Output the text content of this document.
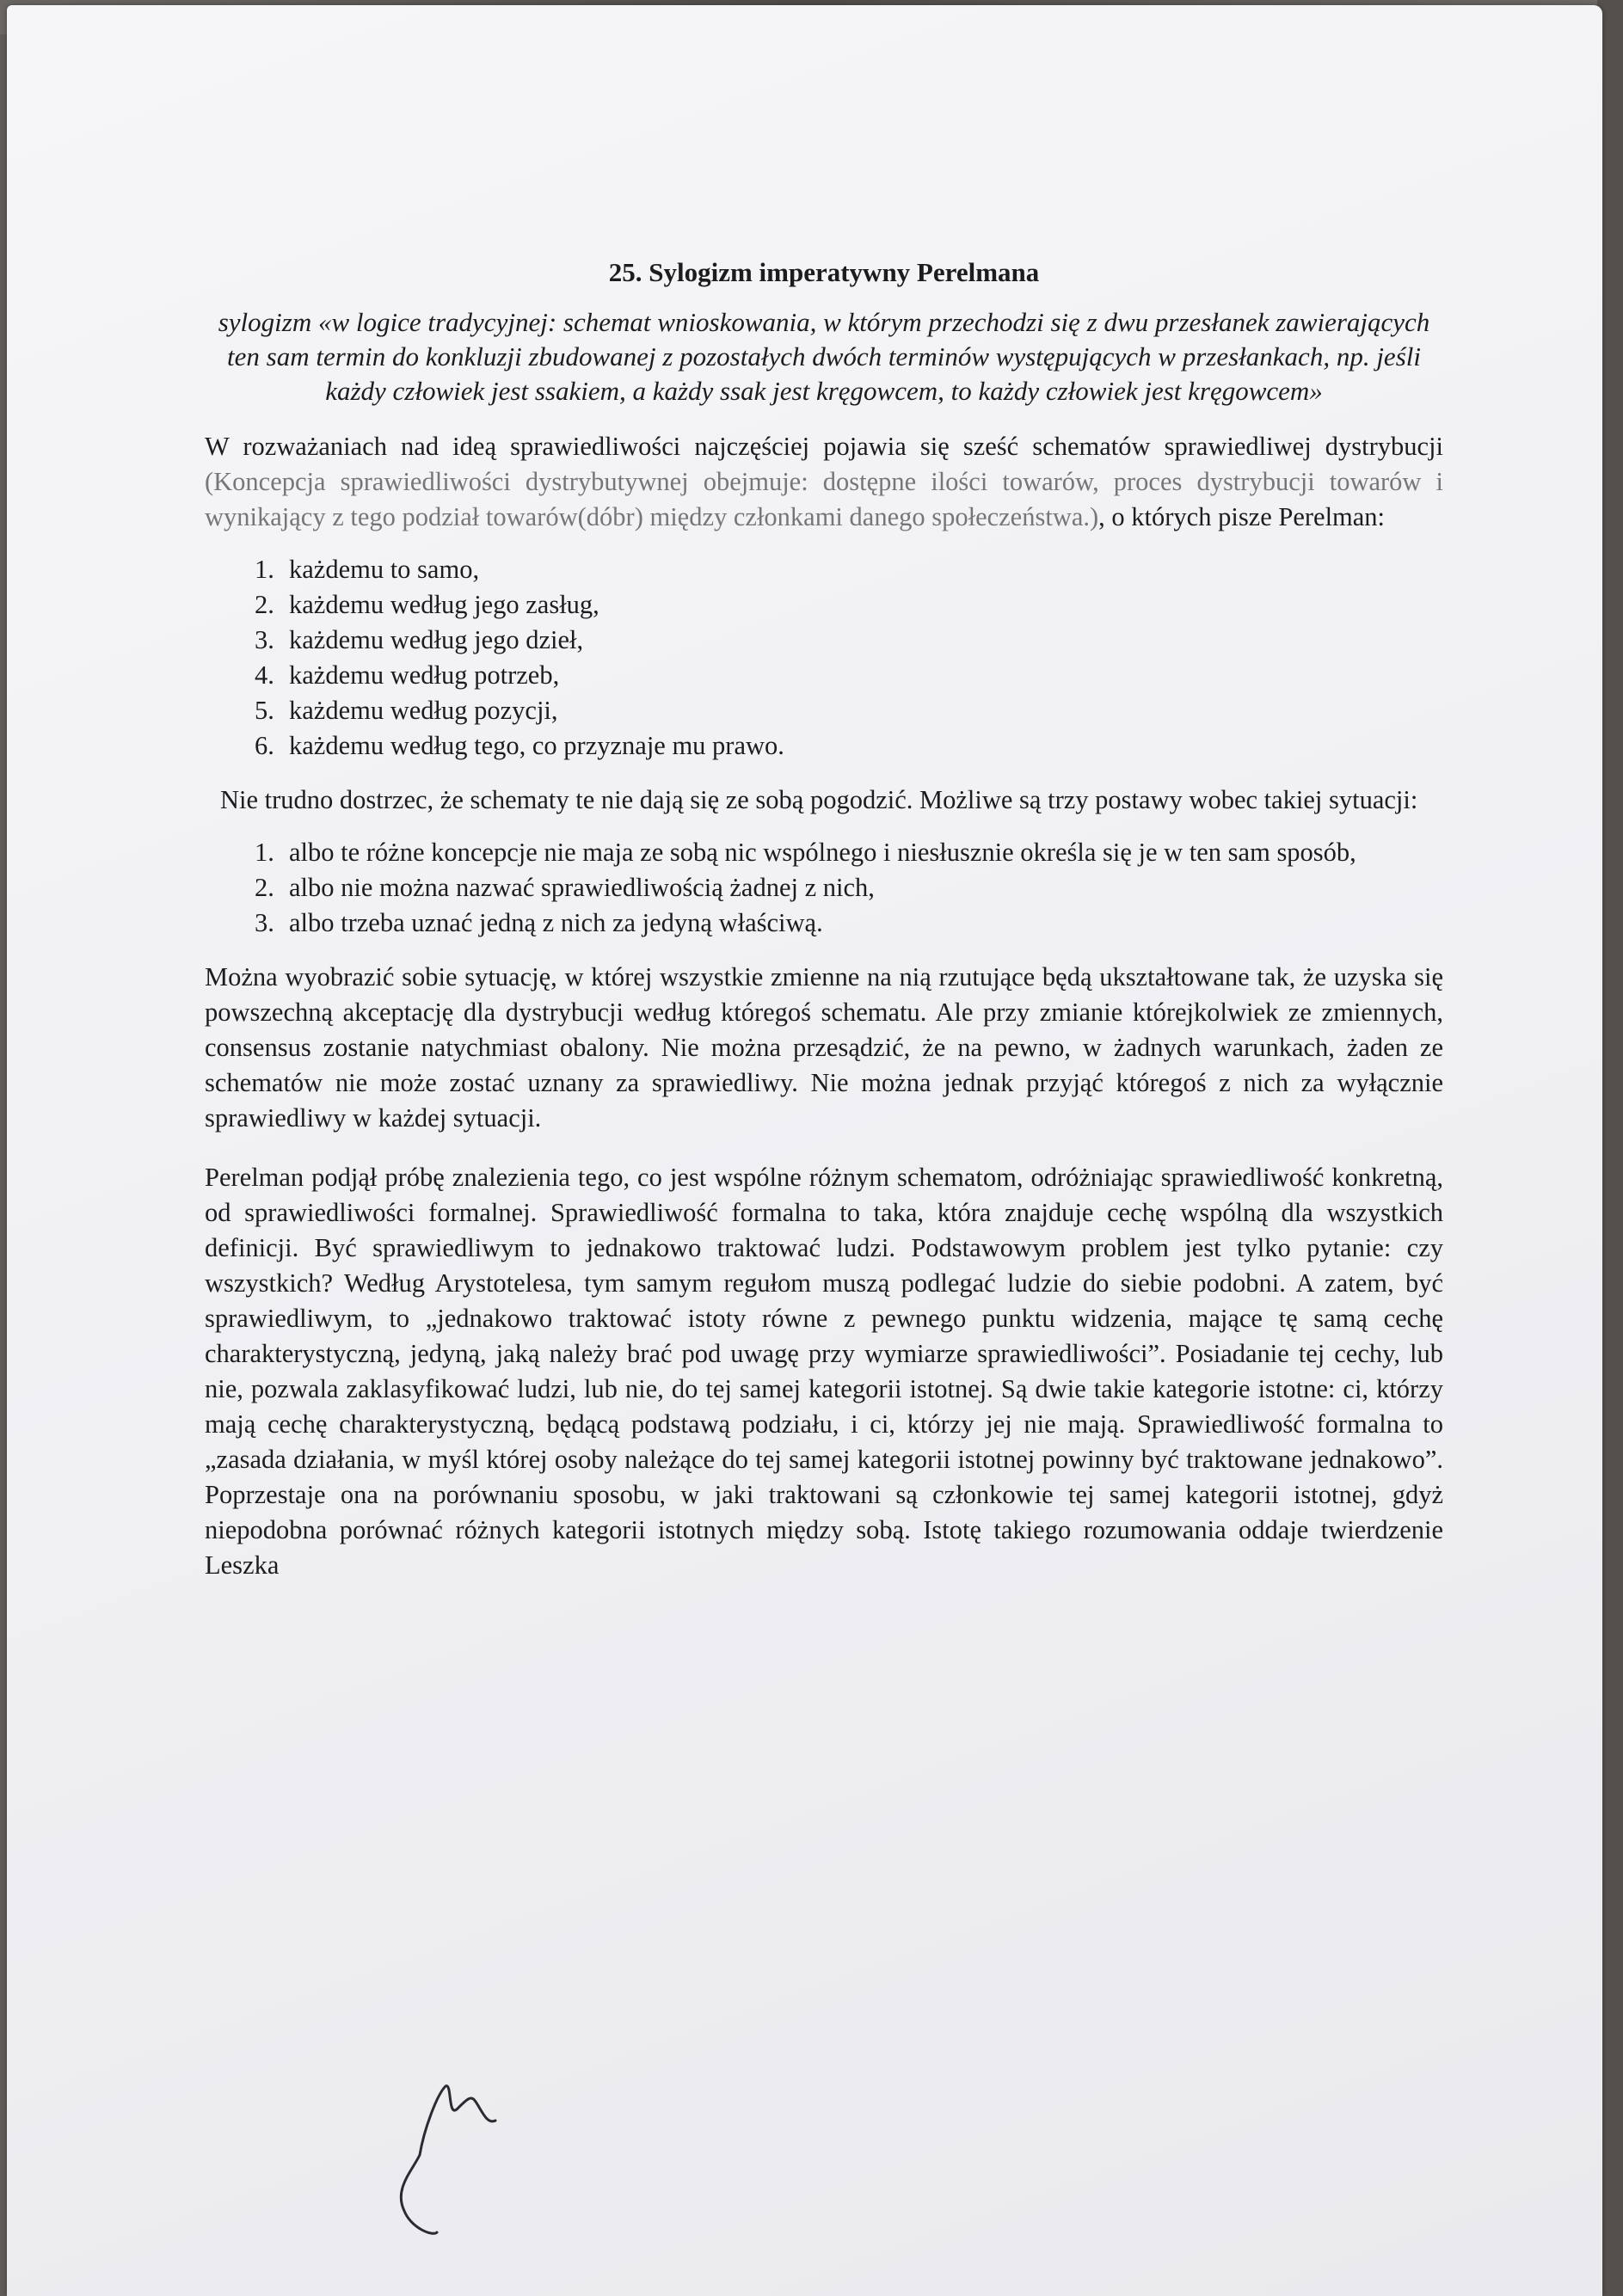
25. Sylogizm imperatywny Perelmana
sylogizm «w logice tradycyjnej: schemat wnioskowania, w którym przechodzi się z dwu przesłanek zawierających ten sam termin do konkluzji zbudowanej z pozostałych dwóch terminów występujących w przesłankach, np. jeśli każdy człowiek jest ssakiem, a każdy ssak jest kręgowcem, to każdy człowiek jest kręgowcem»

W rozważaniach nad ideą sprawiedliwości najczęściej pojawia się sześć schematów sprawiedliwej dystrybucji (Koncepcja sprawiedliwości dystrybutywnej obejmuje: dostępne ilości towarów, proces dystrybucji towarów i wynikający z tego podział towarów(dóbr) między członkami danego społeczeństwa.), o których pisze Perelman:

1. każdemu to samo,
2. każdemu według jego zasług,
3. każdemu według jego dzieł,
4. każdemu według potrzeb,
5. każdemu według pozycji,
6. każdemu według tego, co przyznaje mu prawo.

Nie trudno dostrzec, że schematy te nie dają się ze sobą pogodzić. Możliwe są trzy postawy wobec takiej sytuacji:

1. albo te różne koncepcje nie maja ze sobą nic wspólnego i niesłusznie określa się je w ten sam sposób,
2. albo nie można nazwać sprawiedliwością żadnej z nich,
3. albo trzeba uznać jedną z nich za jedyną właściwą.

Można wyobrazić sobie sytuację, w której wszystkie zmienne na nią rzutujące będą ukształtowane tak, że uzyska się powszechną akceptację dla dystrybucji według któregoś schematu. Ale przy zmianie którejkolwiek ze zmiennych, consensus zostanie natychmiast obalony. Nie można przesądzić, że na pewno, w żadnych warunkach, żaden ze schematów nie może zostać uznany za sprawiedliwy. Nie można jednak przyjąć któregoś z nich za wyłącznie sprawiedliwy w każdej sytuacji.

Perelman podjął próbę znalezienia tego, co jest wspólne różnym schematom, odróżniając sprawiedliwość konkretną, od sprawiedliwości formalnej. Sprawiedliwość formalna to taka, która znajduje cechę wspólną dla wszystkich definicji. Być sprawiedliwym to jednakowo traktować ludzi. Podstawowym problem jest tylko pytanie: czy wszystkich? Według Arystotelesa, tym samym regułom muszą podlegać ludzie do siebie podobni. A zatem, być sprawiedliwym, to „jednakowo traktować istoty równe z pewnego punktu widzenia, mające tę samą cechę charakterystyczną, jedyną, jaką należy brać pod uwagę przy wymiarze sprawiedliwości”. Posiadanie tej cechy, lub nie, pozwala zaklasyfikować ludzi, lub nie, do tej samej kategorii istotnej. Są dwie takie kategorie istotne: ci, którzy mają cechę charakterystyczną, będącą podstawą podziału, i ci, którzy jej nie mają. Sprawiedliwość formalna to „zasada działania, w myśl której osoby należące do tej samej kategorii istotnej powinny być traktowane jednakowo”. Poprzestaje ona na porównaniu sposobu, w jaki traktowani są członkowie tej samej kategorii istotnej, gdyż niepodobna porównać różnych kategorii istotnych między sobą. Istotę takiego rozumowania oddaje twierdzenie Leszka
